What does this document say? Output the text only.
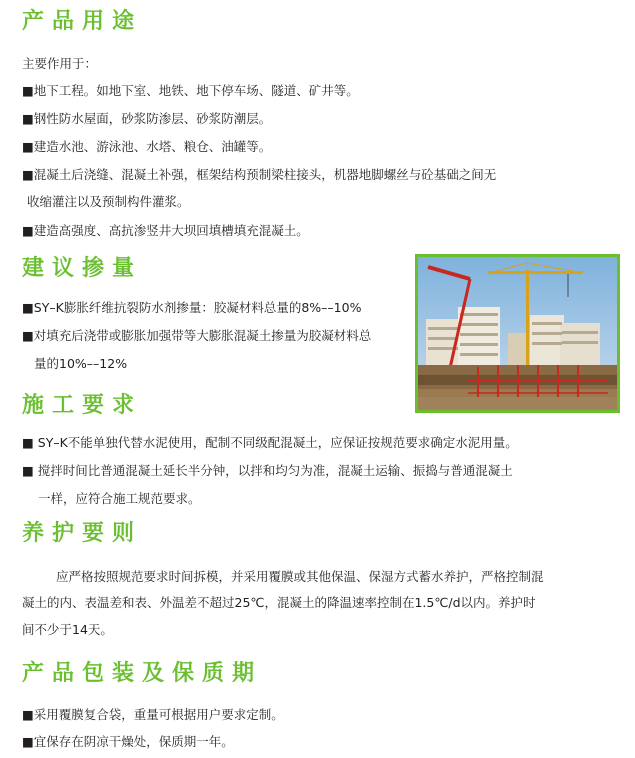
产品用途

主要作用于：

■地下工程。如地下室、地铁、地下停车场、隧道、矿井等。

■钢性防水屋面，砂浆防渗层、砂浆防潮层。

■建造水池、游泳池、水塔、粮仓、油罐等。

■混凝土后浇缝、混凝土补强，框架结构预制梁柱接头，机器地脚螺丝与砼基础之间无

收缩灌注以及预制构件灌浆。

■建造高强度、高抗渗竖井大坝回填槽填充混凝土。

建议掺量

■SY–K膨胀纤维抗裂防水剂掺量：胶凝材料总量的8%––10%

■对填充后浇带或膨胀加强带等大膨胀混凝土掺量为胶凝材料总

量的10%––12%

施工要求

■ SY–K不能单独代替水泥使用，配制不同级配混凝土，应保证按规范要求确定水泥用量。

■ 搅拌时间比普通混凝土延长半分钟，以拌和均匀为准，混凝土运输、振捣与普通混凝土

一样，应符合施工规范要求。

养护要则

应严格按照规范要求时间拆模，并采用覆膜或其他保温、保湿方式蓄水养护，严格控制混

凝土的内、表温差和表、外温差不超过25℃，混凝土的降温速率控制在1.5℃/d以内。养护时

间不少于14天。

产品包装及保质期

■采用覆膜复合袋，重量可根据用户要求定制。

■宜保存在阴凉干燥处，保质期一年。
